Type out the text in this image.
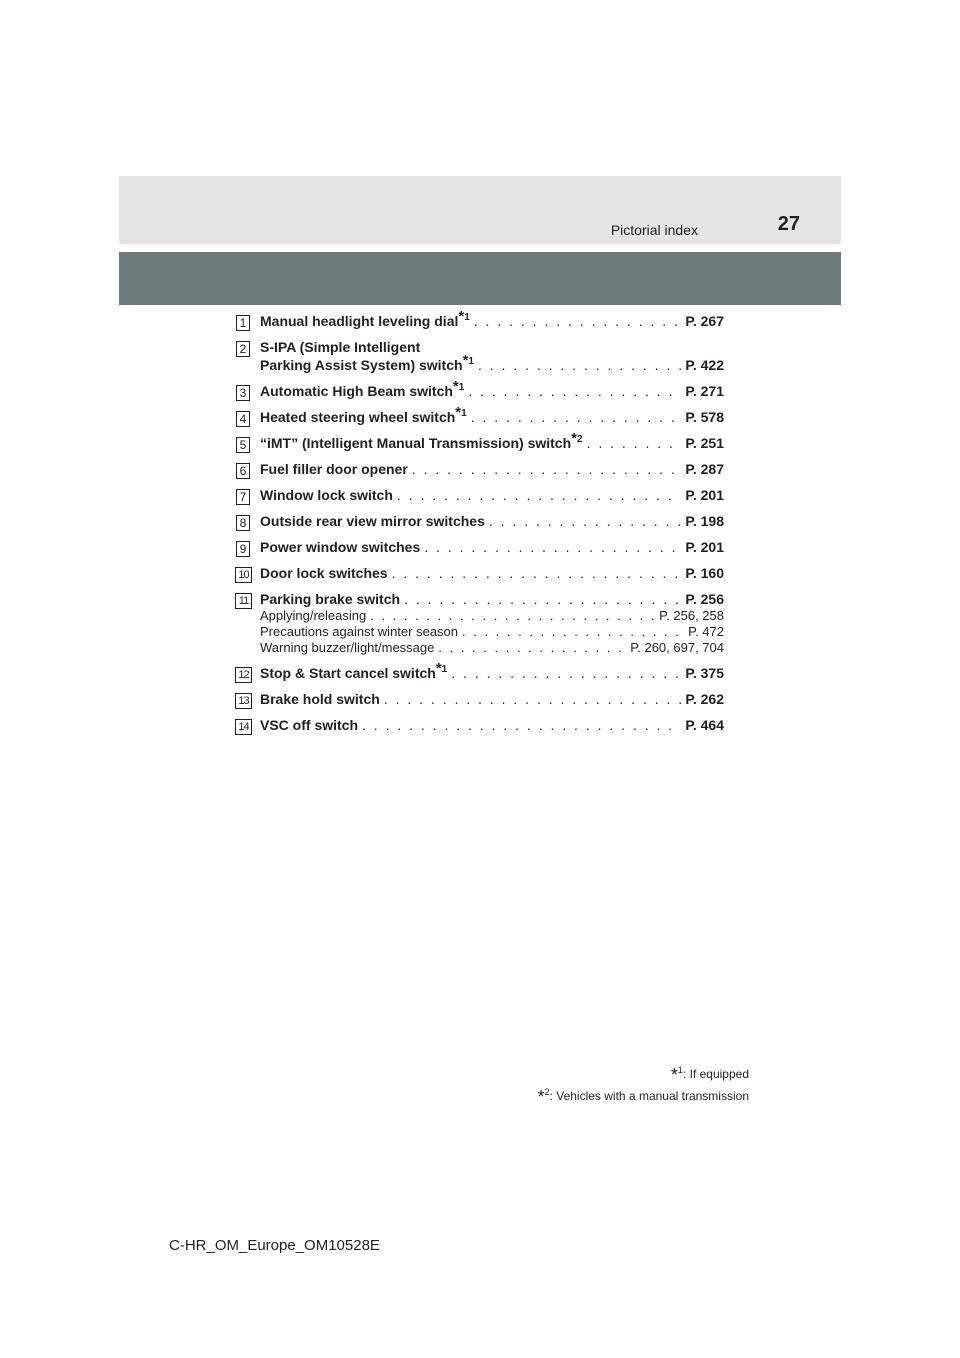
Pictorial index	27
1 Manual headlight leveling dial$^{*1}$ . . .	P. 267
2 S-IPA (Simple Intelligent
Parking Assist System) switch$^{*1}$ . . .	P. 422
3 Automatic High Beam switch$^{*1}$ . . .	P. 271
4 Heated steering wheel switch$^{*1}$ . . .	P. 578
5 “iMT” (Intelligent Manual Transmission) switch$^{*2}$ . . .	P. 251
6 Fuel filler door opener . . .	P. 287
7 Window lock switch . . .	P. 201
8 Outside rear view mirror switches . . .	P. 198
9 Power window switches . . .	P. 201
10 Door lock switches . . .	P. 160
11 Parking brake switch . . .	P. 256
Applying/releasing . . .	P. 256, 258
Precautions against winter season . . .	P. 472
Warning buzzer/light/message . . .	P. 260, 697, 704
12 Stop & Start cancel switch$^{*1}$ . . .	P. 375
13 Brake hold switch . . .	P. 262
14 VSC off switch . . .	P. 464
*$^1$: If equipped
*$^2$: Vehicles with a manual transmission
C-HR_OM_Europe_OM10528E
